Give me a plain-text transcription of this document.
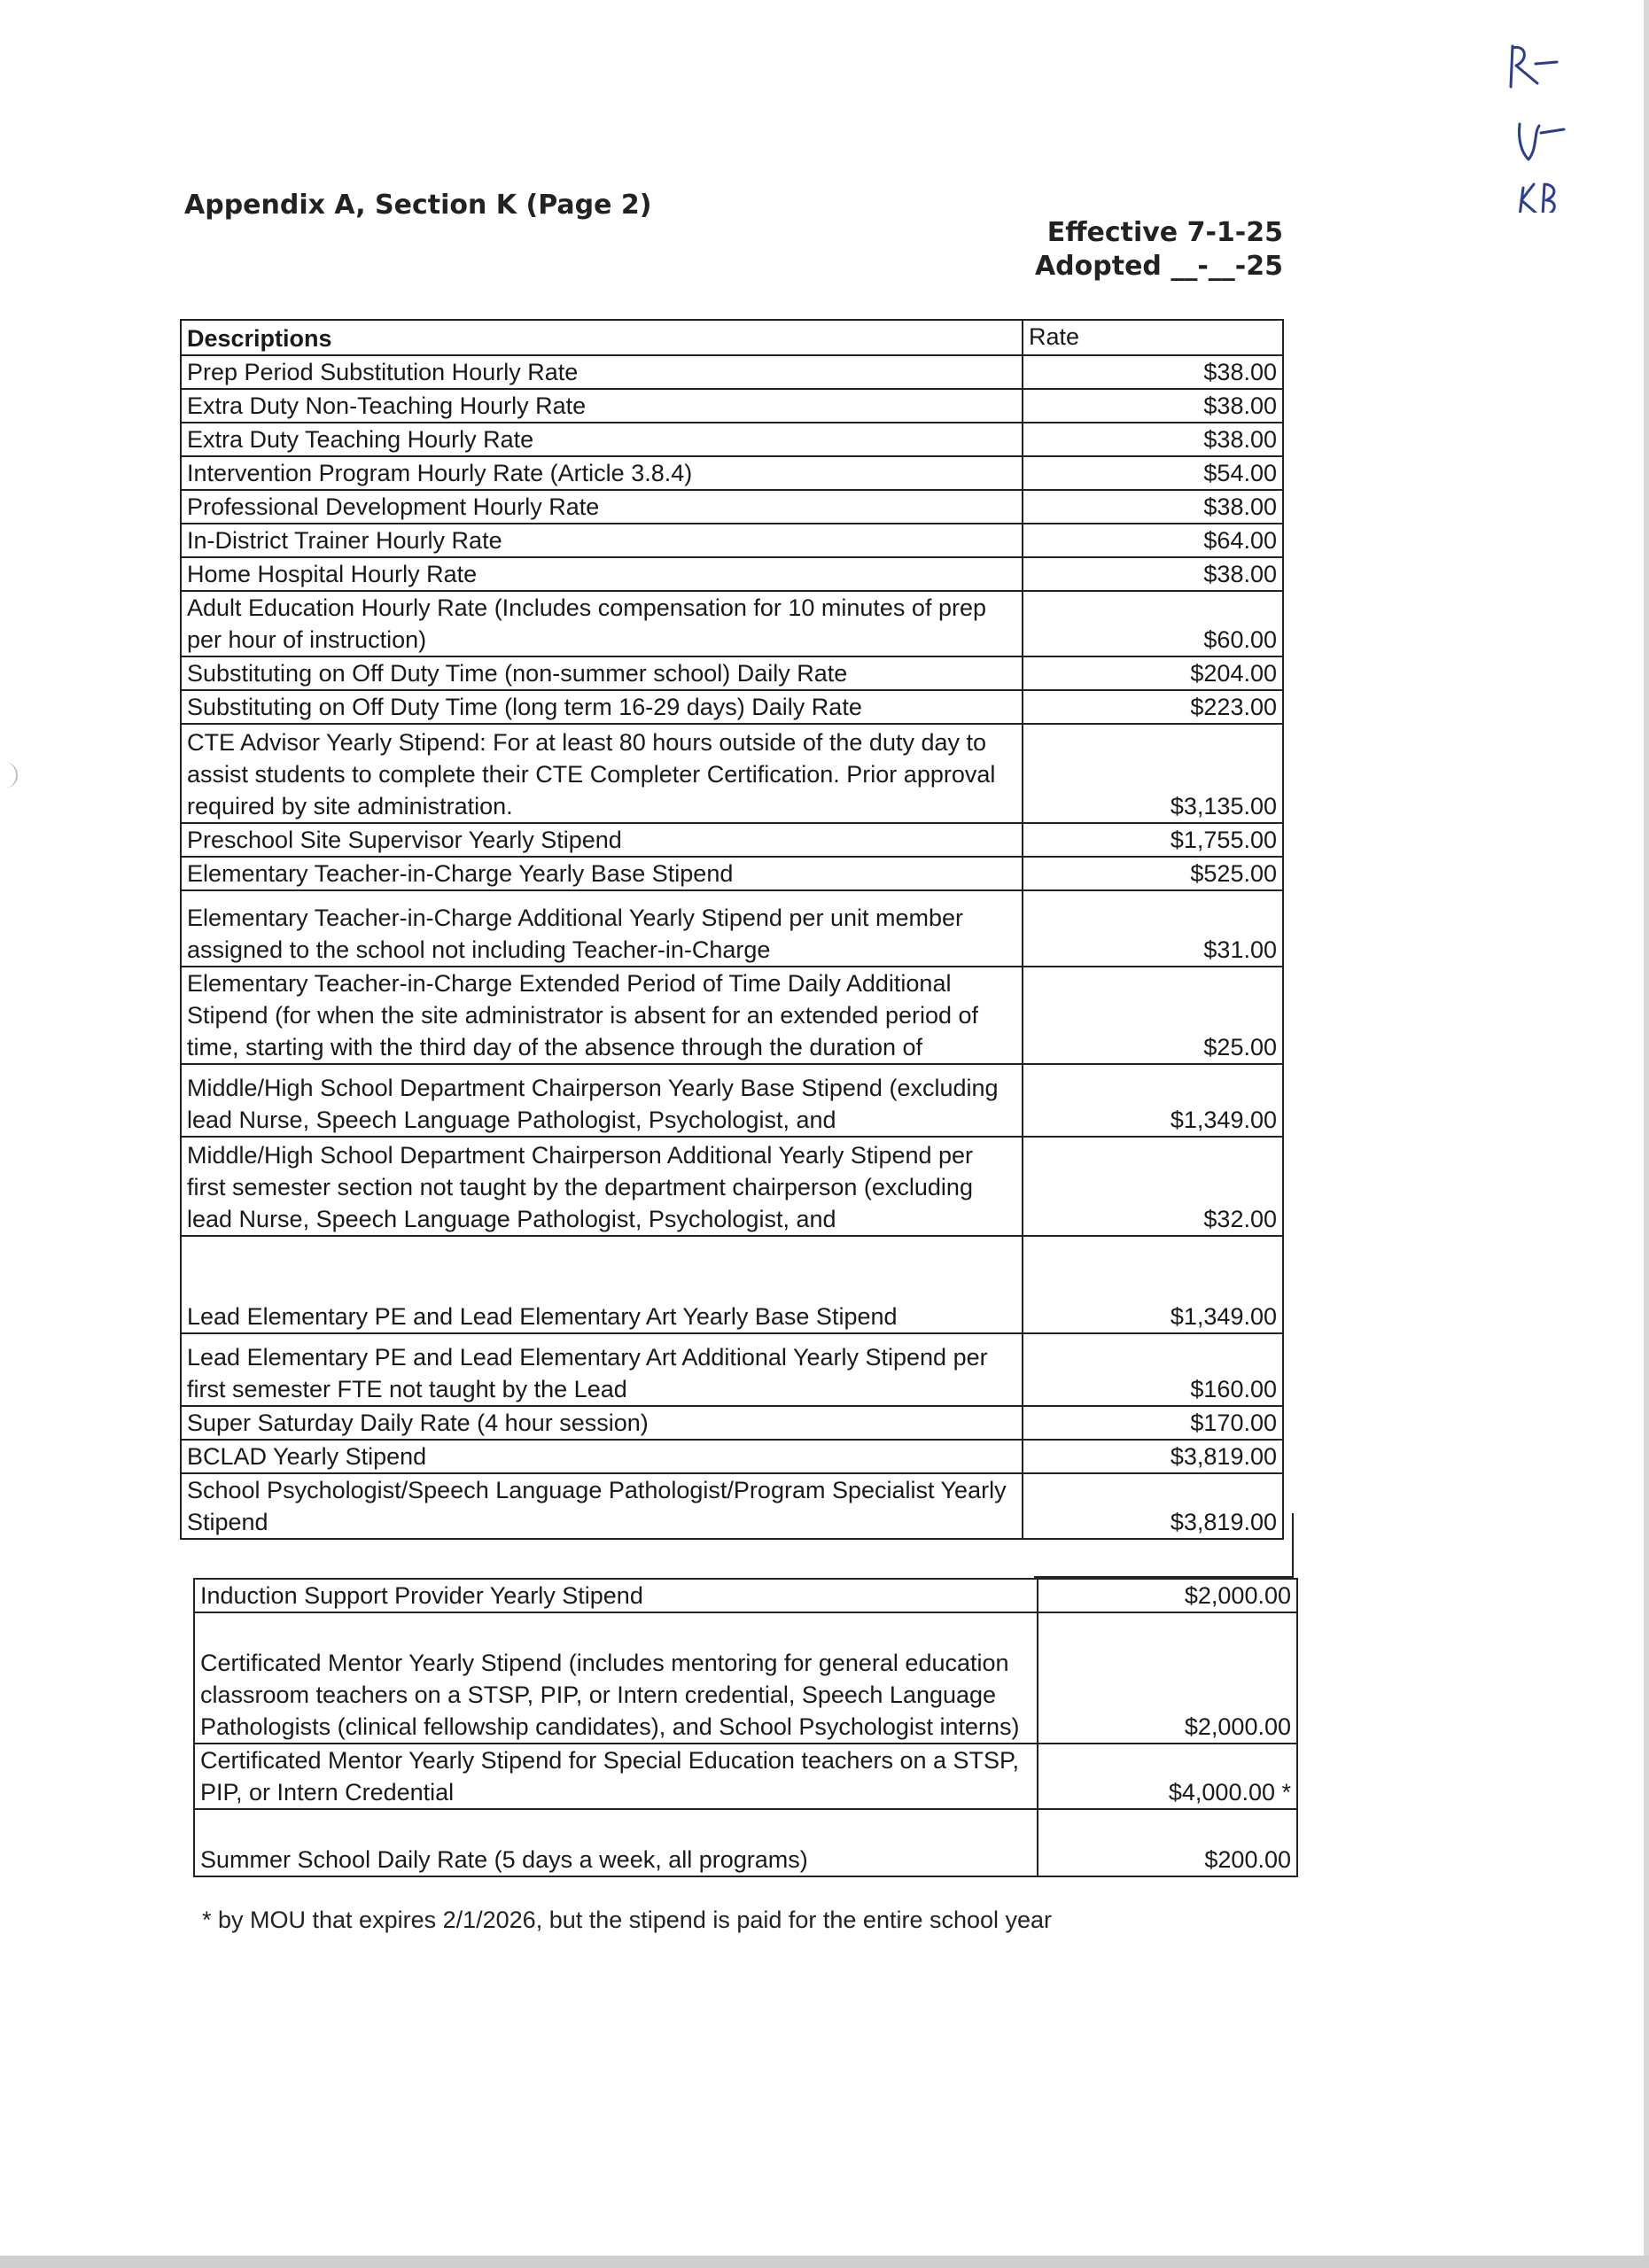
Appendix A, Section K (Page 2)
Effective 7-1-25
Adopted __-__-25
Descriptions	Rate
Prep Period Substitution Hourly Rate	$38.00
Extra Duty Non-Teaching Hourly Rate	$38.00
Extra Duty Teaching Hourly Rate	$38.00
Intervention Program Hourly Rate (Article 3.8.4)	$54.00
Professional Development Hourly Rate	$38.00
In-District Trainer Hourly Rate	$64.00
Home Hospital Hourly Rate	$38.00
Adult Education Hourly Rate (Includes compensation for 10 minutes of prep per hour of instruction)	$60.00
Substituting on Off Duty Time (non-summer school) Daily Rate	$204.00
Substituting on Off Duty Time (long term 16-29 days) Daily Rate	$223.00
CTE Advisor Yearly Stipend: For at least 80 hours outside of the duty day to assist students to complete their CTE Completer Certification. Prior approval required by site administration.	$3,135.00
Preschool Site Supervisor Yearly Stipend	$1,755.00
Elementary Teacher-in-Charge Yearly Base Stipend	$525.00
Elementary Teacher-in-Charge Additional Yearly Stipend per unit member assigned to the school not including Teacher-in-Charge	$31.00
Elementary Teacher-in-Charge Extended Period of Time Daily Additional Stipend (for when the site administrator is absent for an extended period of time, starting with the third day of the absence through the duration of	$25.00
Middle/High School Department Chairperson Yearly Base Stipend (excluding lead Nurse, Speech Language Pathologist, Psychologist, and	$1,349.00
Middle/High School Department Chairperson Additional Yearly Stipend per first semester section not taught by the department chairperson (excluding lead Nurse, Speech Language Pathologist, Psychologist, and	$32.00
Lead Elementary PE and Lead Elementary Art Yearly Base Stipend	$1,349.00
Lead Elementary PE and Lead Elementary Art Additional Yearly Stipend per first semester FTE not taught by the Lead	$160.00
Super Saturday Daily Rate (4 hour session)	$170.00
BCLAD Yearly Stipend	$3,819.00
School Psychologist/Speech Language Pathologist/Program Specialist Yearly Stipend	$3,819.00
Induction Support Provider Yearly Stipend	$2,000.00
Certificated Mentor Yearly Stipend (includes mentoring for general education classroom teachers on a STSP, PIP, or Intern credential, Speech Language Pathologists (clinical fellowship candidates), and School Psychologist interns)	$2,000.00
Certificated Mentor Yearly Stipend for Special Education teachers on a STSP, PIP, or Intern Credential	$4,000.00 *
Summer School Daily Rate (5 days a week, all programs)	$200.00
* by MOU that expires 2/1/2026, but the stipend is paid for the entire school year
